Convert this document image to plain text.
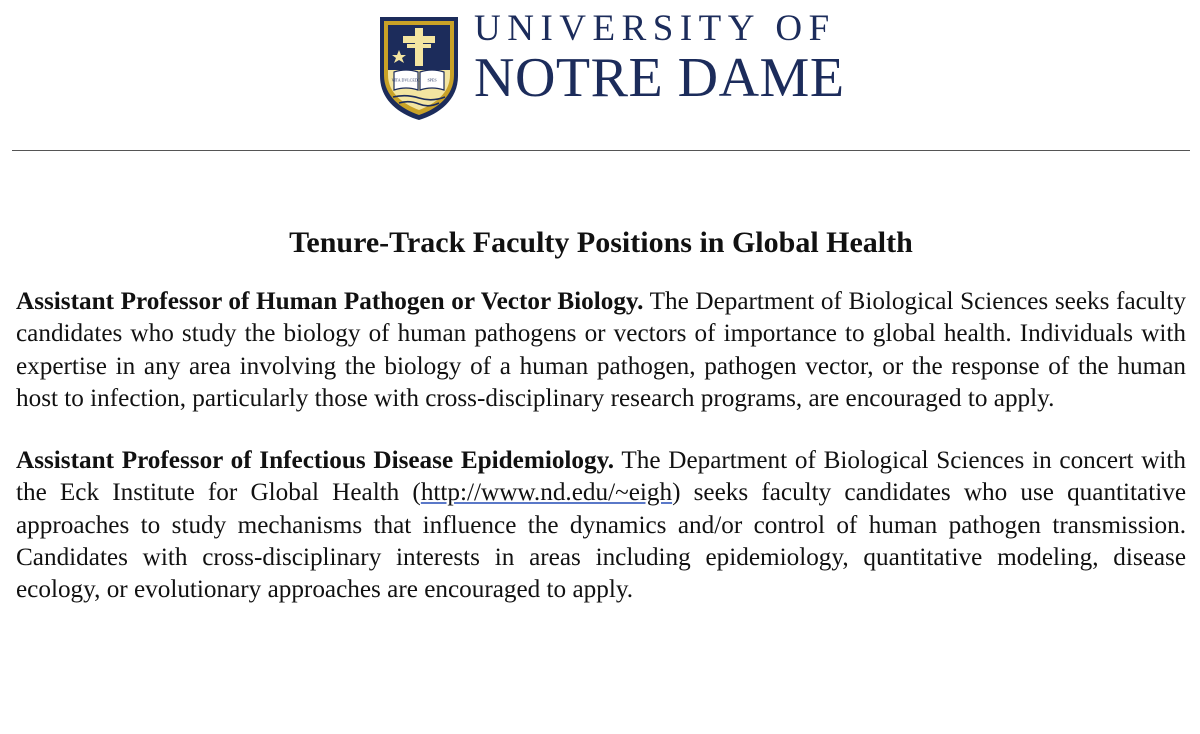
VITA DVLCEDO SPES
UNIVERSITY OF
NOTRE DAME
Tenure-Track Faculty Positions in Global Health

Assistant Professor of Human Pathogen or Vector Biology. The Department of Biological Sciences seeks faculty candidates who study the biology of human pathogens or vectors of importance to global health. Individuals with expertise in any area involving the biology of a human pathogen, pathogen vector, or the response of the human host to infection, particularly those with cross-disciplinary research programs, are encouraged to apply.

Assistant Professor of Infectious Disease Epidemiology. The Department of Biological Sciences in concert with the Eck Institute for Global Health (http://www.nd.edu/~eigh) seeks faculty candidates who use quantitative approaches to study mechanisms that influence the dynamics and/or control of human pathogen transmission. Candidates with cross-disciplinary interests in areas including epidemiology, quantitative modeling, disease ecology, or evolutionary approaches are encouraged to apply.
